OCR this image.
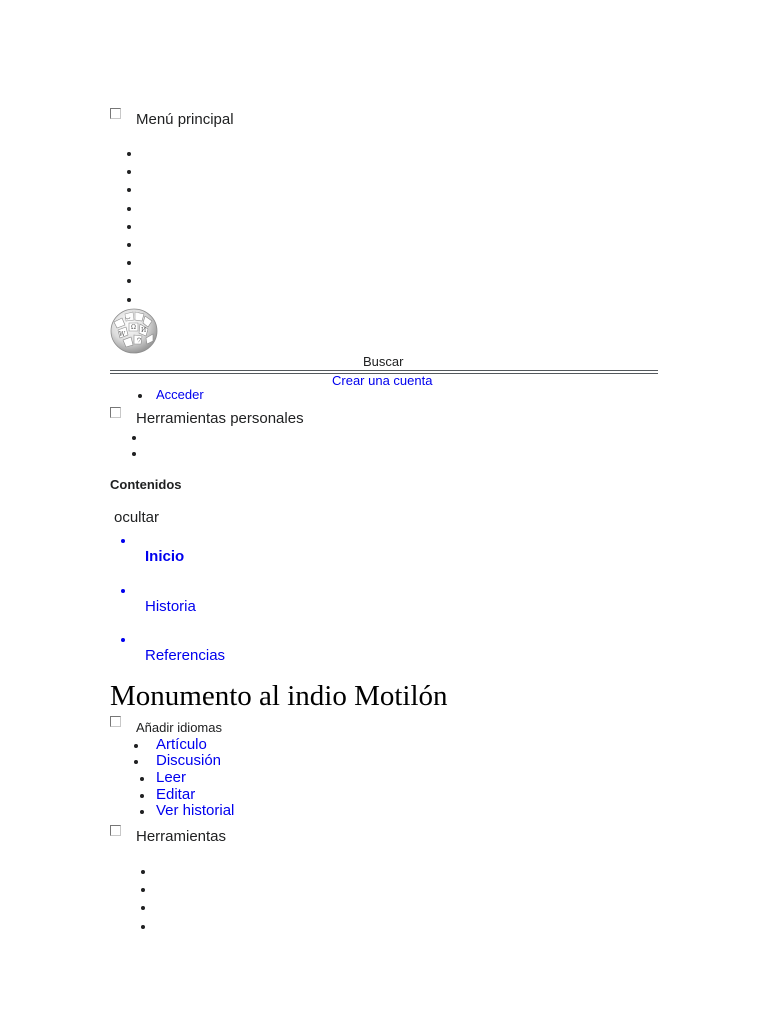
Menú principal
Ω
W
И
ウ
ب
Buscar
Crear una cuenta
Acceder
Herramientas personales
Contenidos
ocultar
Inicio
Historia
Referencias
Monumento al indio Motilón
Añadir idiomas
Artículo
Discusión
Leer
Editar
Ver historial
Herramientas
